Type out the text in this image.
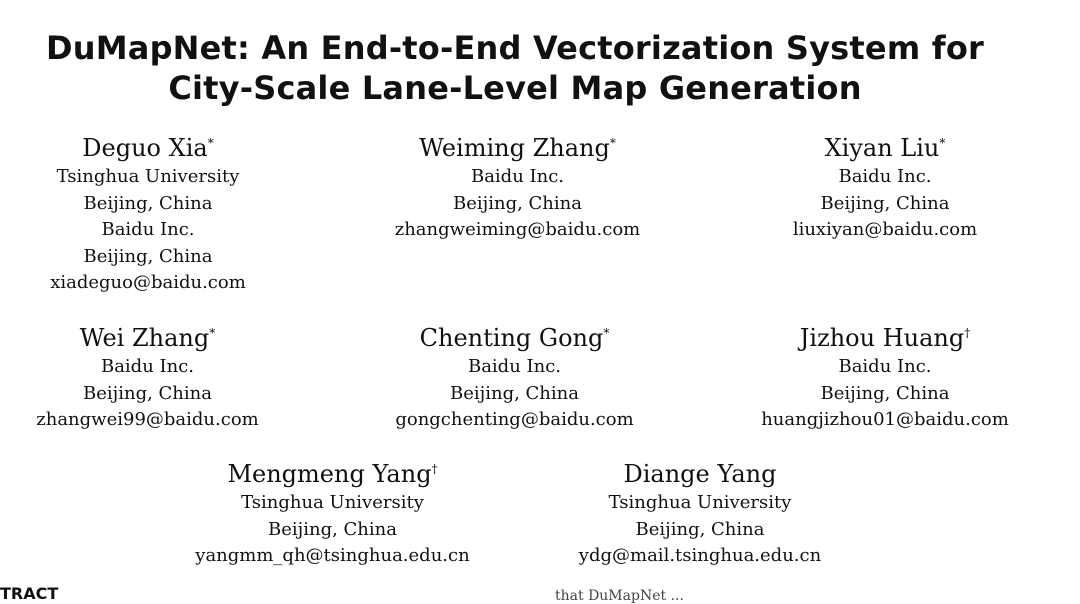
DuMapNet: An End-to-End Vectorization System for
City-Scale Lane-Level Map Generation
Deguo Xia*
Tsinghua University
Beijing, China
Baidu Inc.
Beijing, China
xiadeguo@baidu.com
Weiming Zhang*
Baidu Inc.
Beijing, China
zhangweiming@baidu.com
Xiyan Liu*
Baidu Inc.
Beijing, China
liuxiyan@baidu.com
Wei Zhang*
Baidu Inc.
Beijing, China
zhangwei99@baidu.com
Chenting Gong*
Baidu Inc.
Beijing, China
gongchenting@baidu.com
Jizhou Huang†
Baidu Inc.
Beijing, China
huangjizhou01@baidu.com
Mengmeng Yang†
Tsinghua University
Beijing, China
yangmm_qh@tsinghua.edu.cn
Diange Yang
Tsinghua University
Beijing, China
ydg@mail.tsinghua.edu.cn
TRACT	that DuMapNet ...
